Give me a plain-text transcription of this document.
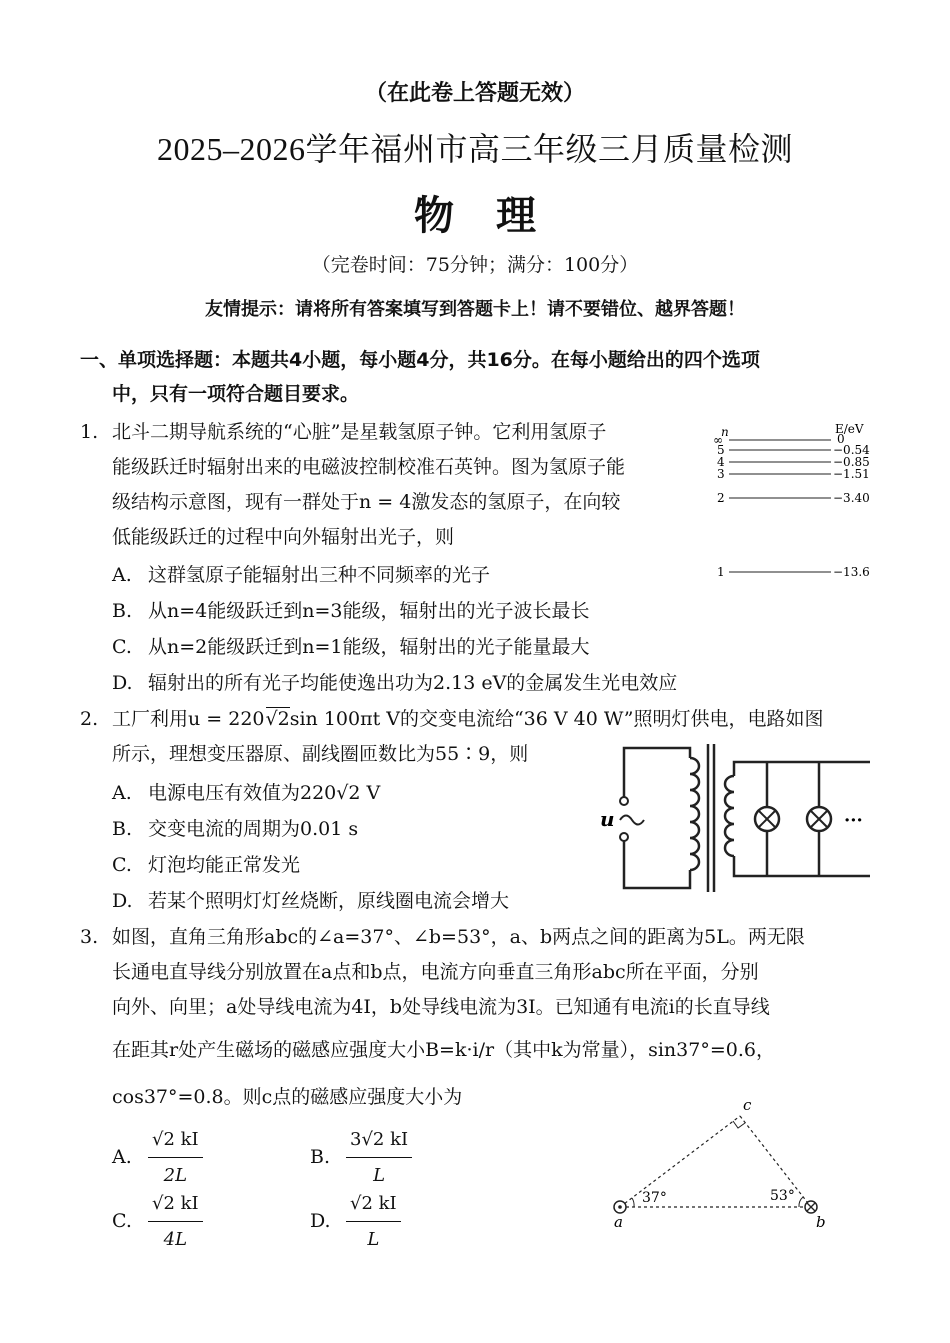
（在此卷上答题无效）
2025–2026学年福州市高三年级三月质量检测
物理
（完卷时间：75分钟；满分：100分）
友情提示：请将所有答案填写到答题卡上！请不要错位、越界答题！
一、单项选择题：本题共4小题，每小题4分，共16分。在每小题给出的四个选项
中，只有一项符合题目要求。
1. 北斗二期导航系统的“心脏”是星载氢原子钟。它利用氢原子
能级跃迁时辐射出来的电磁波控制校准石英钟。图为氢原子能
级结构示意图，现有一群处于n = 4激发态的氢原子，在向较
低能级跃迁的过程中向外辐射出光子，则
A. 这群氢原子能辐射出三种不同频率的光子
B. 从n=4能级跃迁到n=3能级，辐射出的光子波长最长
C. 从n=2能级跃迁到n=1能级，辐射出的光子能量最大
D. 辐射出的所有光子均能使逸出功为2.13 eV的金属发生光电效应
n	E/eV
∞	0
5	−0.54
4	−0.85
3	−1.51
2	−3.40
1	−13.6
2. 工厂利用u = 220√2sin 100πt V的交变电流给“36 V 40 W”照明灯供电，电路如图
所示，理想变压器原、副线圈匝数比为55∶9，则
A. 电源电压有效值为220√2 V
B. 交变电流的周期为0.01 s
C. 灯泡均能正常发光
D. 若某个照明灯灯丝烧断，原线圈电流会增大
u	···
3. 如图，直角三角形abc的∠a=37°、∠b=53°，a、b两点之间的距离为5L。两无限
长通电直导线分别放置在a点和b点，电流方向垂直三角形abc所在平面，分别
向外、向里；a处导线电流为4I，b处导线电流为3I。已知通有电流i的长直导线
在距其r处产生磁场的磁感应强度大小B=k·i/r（其中k为常量），sin37°=0.6，
cos37°=0.8。则c点的磁感应强度大小为
A. $\frac{√2 kI}{2L}$	B. $\frac{3√2 kI}{L}$
C. $\frac{√2 kI}{4L}$	D. $\frac{√2 kI}{L}$	a	b
c
37°	53°
